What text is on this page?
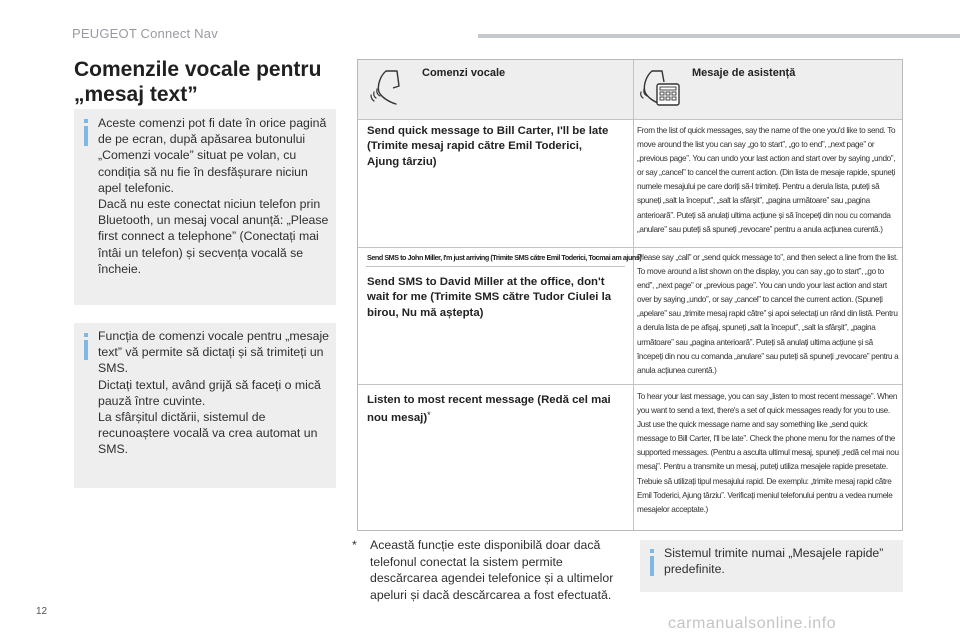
PEUGEOT Connect Nav
Comenzile vocale pentru
„mesaj text”

Aceste comenzi pot fi date în orice pagină de pe ecran, după apăsarea butonului „Comenzi vocale” situat pe volan, cu condiția să nu fie în desfășurare niciun apel telefonic.
Dacă nu este conectat niciun telefon prin Bluetooth, un mesaj vocal anunță: „Please first connect a telephone” (Conectați mai întâi un telefon) și secvența vocală se încheie.

Funcția de comenzi vocale pentru „mesaje text” vă permite să dictați și să trimiteți un SMS.
Dictați textul, având grijă să faceți o mică pauză între cuvinte.
La sfârșitul dictării, sistemul de recunoaștere vocală va crea automat un SMS.

Comenzi vocale	Mesaje de asistență

Send quick message to Bill Carter, I'll be late (Trimite mesaj rapid către Emil Toderici, Ajung târziu)

From the list of quick messages, say the name of the one you'd like to send. To move around the list you can say „go to start”, „go to end”, „next page” or „previous page”. You can undo your last action and start over by saying „undo”, or say „cancel” to cancel the current action. (Din lista de mesaje rapide, spuneți numele mesajului pe care doriți să-l trimiteți. Pentru a derula lista, puteți să spuneți „salt la început”, „salt la sfârșit”, „pagina următoare” sau „pagina anterioară”. Puteți să anulați ultima acțiune și să începeți din nou cu comanda „anulare” sau puteți să spuneți „revocare” pentru a anula acțiunea curentă.)

Send SMS to John Miller, I'm just arriving (Trimite SMS către Emil Toderici, Tocmai am ajuns)

Send SMS to David Miller at the office, don't wait for me (Trimite SMS către Tudor Ciulei la birou, Nu mă aștepta)

Please say „call” or „send quick message to”, and then select a line from the list. To move around a list shown on the display, you can say „go to start”, „go to end”, „next page” or „previous page”. You can undo your last action and start over by saying „undo”, or say „cancel” to cancel the current action. (Spuneți „apelare” sau „trimite mesaj rapid către” și apoi selectați un rând din listă. Pentru a derula lista de pe afișaj, spuneți „salt la început”, „salt la sfârșit”, „pagina următoare” sau „pagina anterioară”. Puteți să anulați ultima acțiune și să începeți din nou cu comanda „anulare” sau puteți să spuneți „revocare” pentru a anula acțiunea curentă.)

Listen to most recent message (Redă cel mai nou mesaj)*

To hear your last message, you can say „listen to most recent message”. When you want to send a text, there's a set of quick messages ready for you to use. Just use the quick message name and say something like „send quick message to Bill Carter, I'll be late”. Check the phone menu for the names of the supported messages. (Pentru a asculta ultimul mesaj, spuneți „redă cel mai nou mesaj”. Pentru a transmite un mesaj, puteți utiliza mesajele rapide presetate. Trebuie să utilizați tipul mesajului rapid. De exemplu: „trimite mesaj rapid către Emil Toderici, Ajung târziu”. Verificați meniul telefonului pentru a vedea numele mesajelor acceptate.)

* Această funcție este disponibilă doar dacă telefonul conectat la sistem permite descărcarea agendei telefonice și a ultimelor apeluri și dacă descărcarea a fost efectuată.

Sistemul trimite numai „Mesajele rapide” predefinite.

12
carmanualsonline.info
